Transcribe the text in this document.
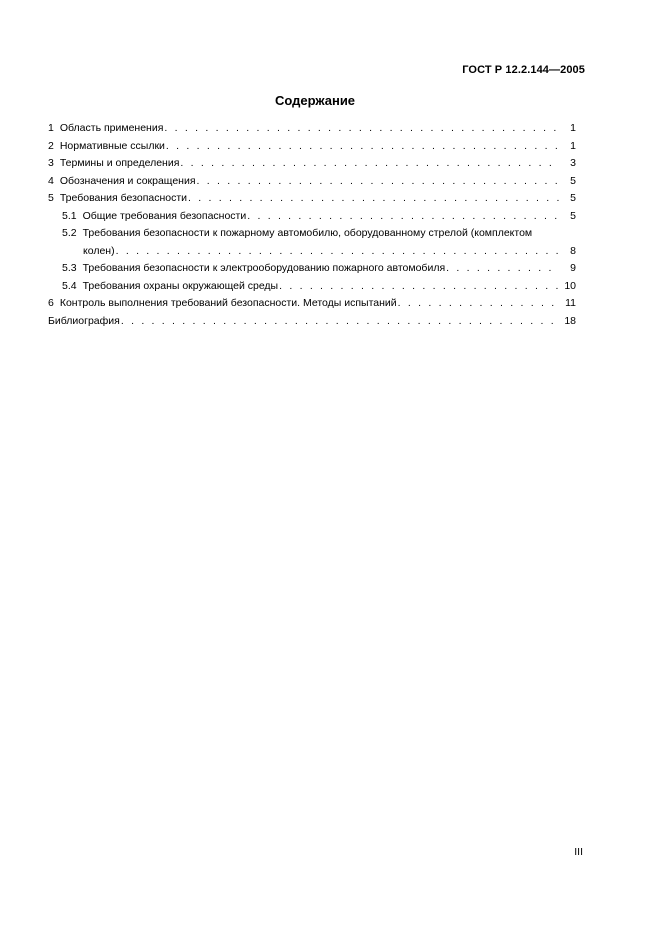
ГОСТ Р 12.2.144—2005
Содержание
1 Область применения . . .	1
2 Нормативные ссылки . . .	1
3 Термины и определения . . .	3
4 Обозначения и сокращения . . .	5
5 Требования безопасности . . .	5
5.1 Общие требования безопасности . . .	5
5.2 Требования безопасности к пожарному автомобилю, оборудованному стрелой (комплектом
колен) . . .	8
5.3 Требования безопасности к электрооборудованию пожарного автомобиля . . .	9
5.4 Требования охраны окружающей среды . . .	10
6 Контроль выполнения требований безопасности. Методы испытаний . . .	11
Библиография . . .	18
III
